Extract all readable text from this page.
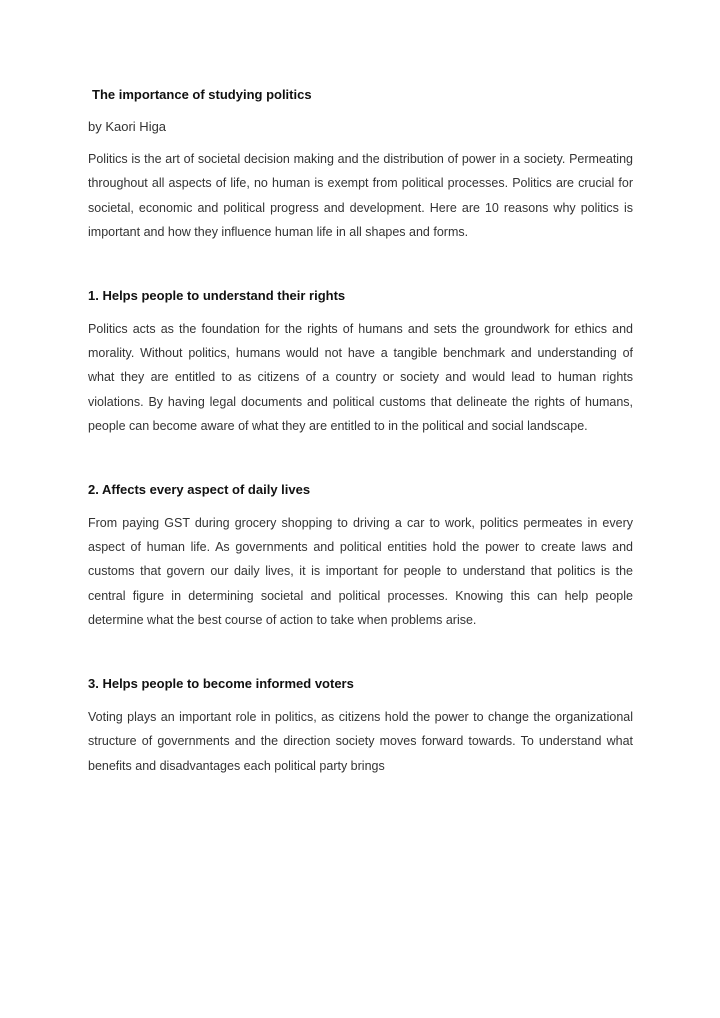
The importance of studying politics

by Kaori Higa

Politics is the art of societal decision making and the distribution of power in a society. Permeating throughout all aspects of life, no human is exempt from political processes. Politics are crucial for societal, economic and political progress and development. Here are 10 reasons why politics is important and how they influence human life in all shapes and forms.

1. Helps people to understand their rights

Politics acts as the foundation for the rights of humans and sets the groundwork for ethics and morality. Without politics, humans would not have a tangible benchmark and understanding of what they are entitled to as citizens of a country or society and would lead to human rights violations. By having legal documents and political customs that delineate the rights of humans, people can become aware of what they are entitled to in the political and social landscape.

2. Affects every aspect of daily lives

From paying GST during grocery shopping to driving a car to work, politics permeates in every aspect of human life. As governments and political entities hold the power to create laws and customs that govern our daily lives, it is important for people to understand that politics is the central figure in determining societal and political processes. Knowing this can help people determine what the best course of action to take when problems arise.

3. Helps people to become informed voters

Voting plays an important role in politics, as citizens hold the power to change the organizational structure of governments and the direction society moves forward towards. To understand what benefits and disadvantages each political party brings
